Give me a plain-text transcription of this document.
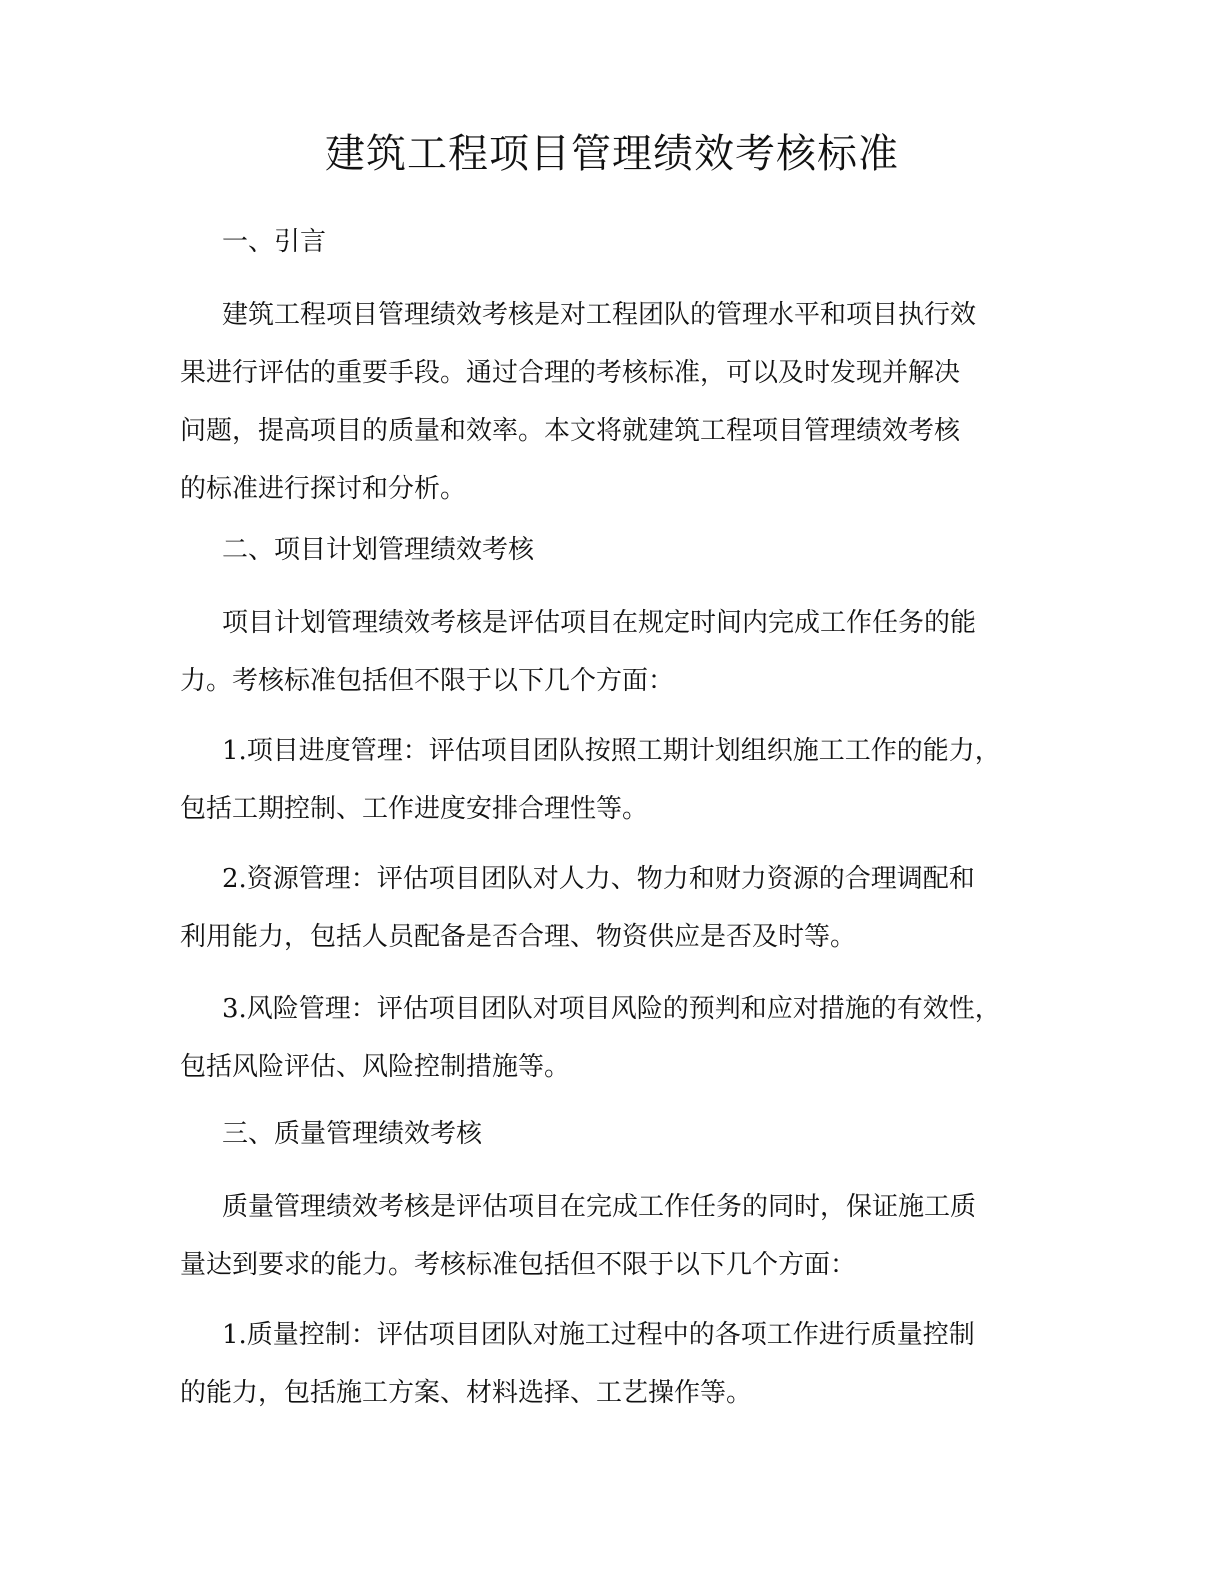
建筑工程项目管理绩效考核标准
一、引言

建筑工程项目管理绩效考核是对工程团队的管理水平和项目执行效
果进行评估的重要手段。通过合理的考核标准，可以及时发现并解决
问题，提高项目的质量和效率。本文将就建筑工程项目管理绩效考核
的标准进行探讨和分析。

二、项目计划管理绩效考核

项目计划管理绩效考核是评估项目在规定时间内完成工作任务的能
力。考核标准包括但不限于以下几个方面：

1.项目进度管理：评估项目团队按照工期计划组织施工工作的能力，
包括工期控制、工作进度安排合理性等。

2.资源管理：评估项目团队对人力、物力和财力资源的合理调配和
利用能力，包括人员配备是否合理、物资供应是否及时等。

3.风险管理：评估项目团队对项目风险的预判和应对措施的有效性，
包括风险评估、风险控制措施等。

三、质量管理绩效考核

质量管理绩效考核是评估项目在完成工作任务的同时，保证施工质
量达到要求的能力。考核标准包括但不限于以下几个方面：

1.质量控制：评估项目团队对施工过程中的各项工作进行质量控制
的能力，包括施工方案、材料选择、工艺操作等。
